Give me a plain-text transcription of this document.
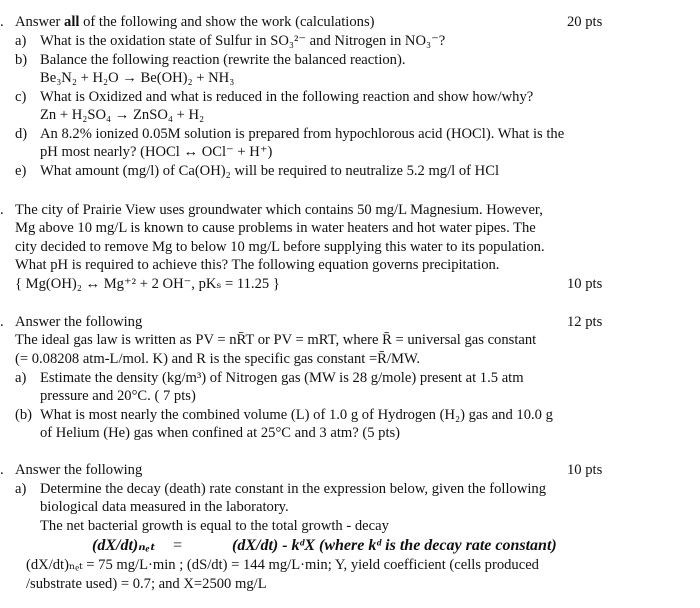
. Answer all of the following and show the work (calculations)	20 pts
a) What is the oxidation state of Sulfur in SO₃²⁻ and Nitrogen in NO₃⁻?
b) Balance the following reaction (rewrite the balanced reaction).
Be₃N₂ + H₂O → Be(OH)₂ + NH₃
c) What is Oxidized and what is reduced in the following reaction and show how/why?
Zn + H₂SO₄ → ZnSO₄ + H₂
d) An 8.2% ionized 0.05M solution is prepared from hypochlorous acid (HOCl). What is the
pH most nearly? (HOCl ↔ OCl⁻ + H⁺)
e) What amount (mg/l) of Ca(OH)₂ will be required to neutralize 5.2 mg/l of HCl
. The city of Prairie View uses groundwater which contains 50 mg/L Magnesium. However,
Mg above 10 mg/L is known to cause problems in water heaters and hot water pipes. The
city decided to remove Mg to below 10 mg/L before supplying this water to its population.
What pH is required to achieve this? The following equation governs precipitation.
{ Mg(OH)₂ ↔ Mg⁺² + 2 OH⁻, pKₛ = 11.25 }	10 pts
. Answer the following	12 pts
The ideal gas law is written as PV = nR̄T or PV = mRT, where R̄ = universal gas constant
(= 0.08208 atm-L/mol. K) and R is the specific gas constant =R̄/MW.
a) Estimate the density (kg/m³) of Nitrogen gas (MW is 28 g/mole) present at 1.5 atm
pressure and 20°C. ( 7 pts)
(b) What is most nearly the combined volume (L) of 1.0 g of Hydrogen (H₂) gas and 10.0 g
of Helium (He) gas when confined at 25°C and 3 atm? (5 pts)
. Answer the following	10 pts
a) Determine the decay (death) rate constant in the expression below, given the following
biological data measured in the laboratory.
The net bacterial growth is equal to the total growth - decay
(dX/dt)ₙₑₜ =	(dX/dt) - kᵈX (where kᵈ is the decay rate constant)
(dX/dt)ₙₑₜ = 75 mg/L·min ; (dS/dt) = 144 mg/L·min; Y, yield coefficient (cells produced
/substrate used) = 0.7; and X=2500 mg/L
